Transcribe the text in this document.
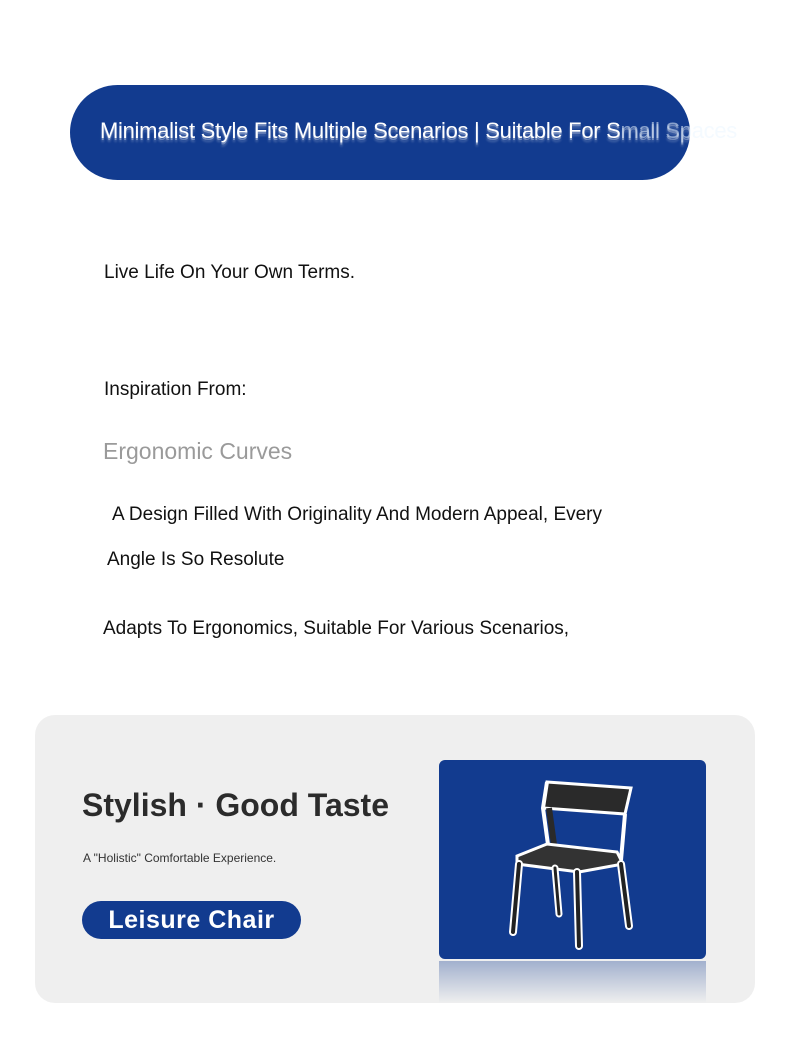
Minimalist Style Fits Multiple Scenarios | Suitable For Small Spaces
Live Life On Your Own Terms.
Inspiration From:
Ergonomic Curves
A Design Filled With Originality And Modern Appeal, Every
Angle Is So Resolute
Adapts To Ergonomics, Suitable For Various Scenarios,
Stylish · Good Taste
A "Holistic" Comfortable Experience.
Leisure Chair
